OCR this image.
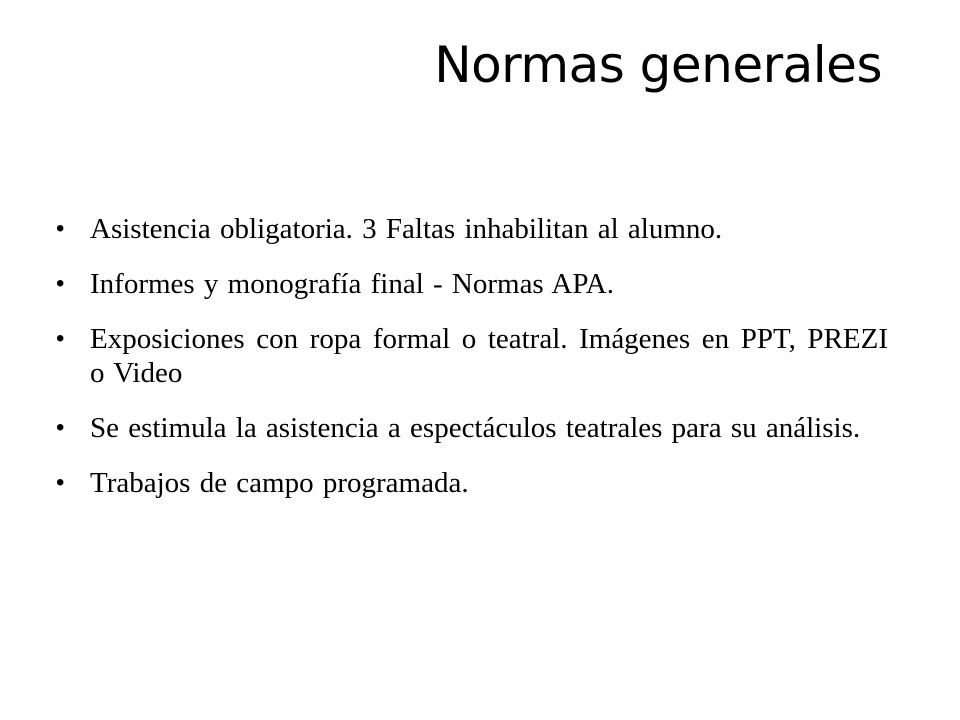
Normas generales
• Asistencia obligatoria. 3 Faltas inhabilitan al alumno.
• Informes y monografía final - Normas APA.
• Exposiciones con ropa formal o teatral. Imágenes en PPT, PREZI o Video
• Se estimula la asistencia a espectáculos teatrales para su análisis.
• Trabajos de campo programada.
